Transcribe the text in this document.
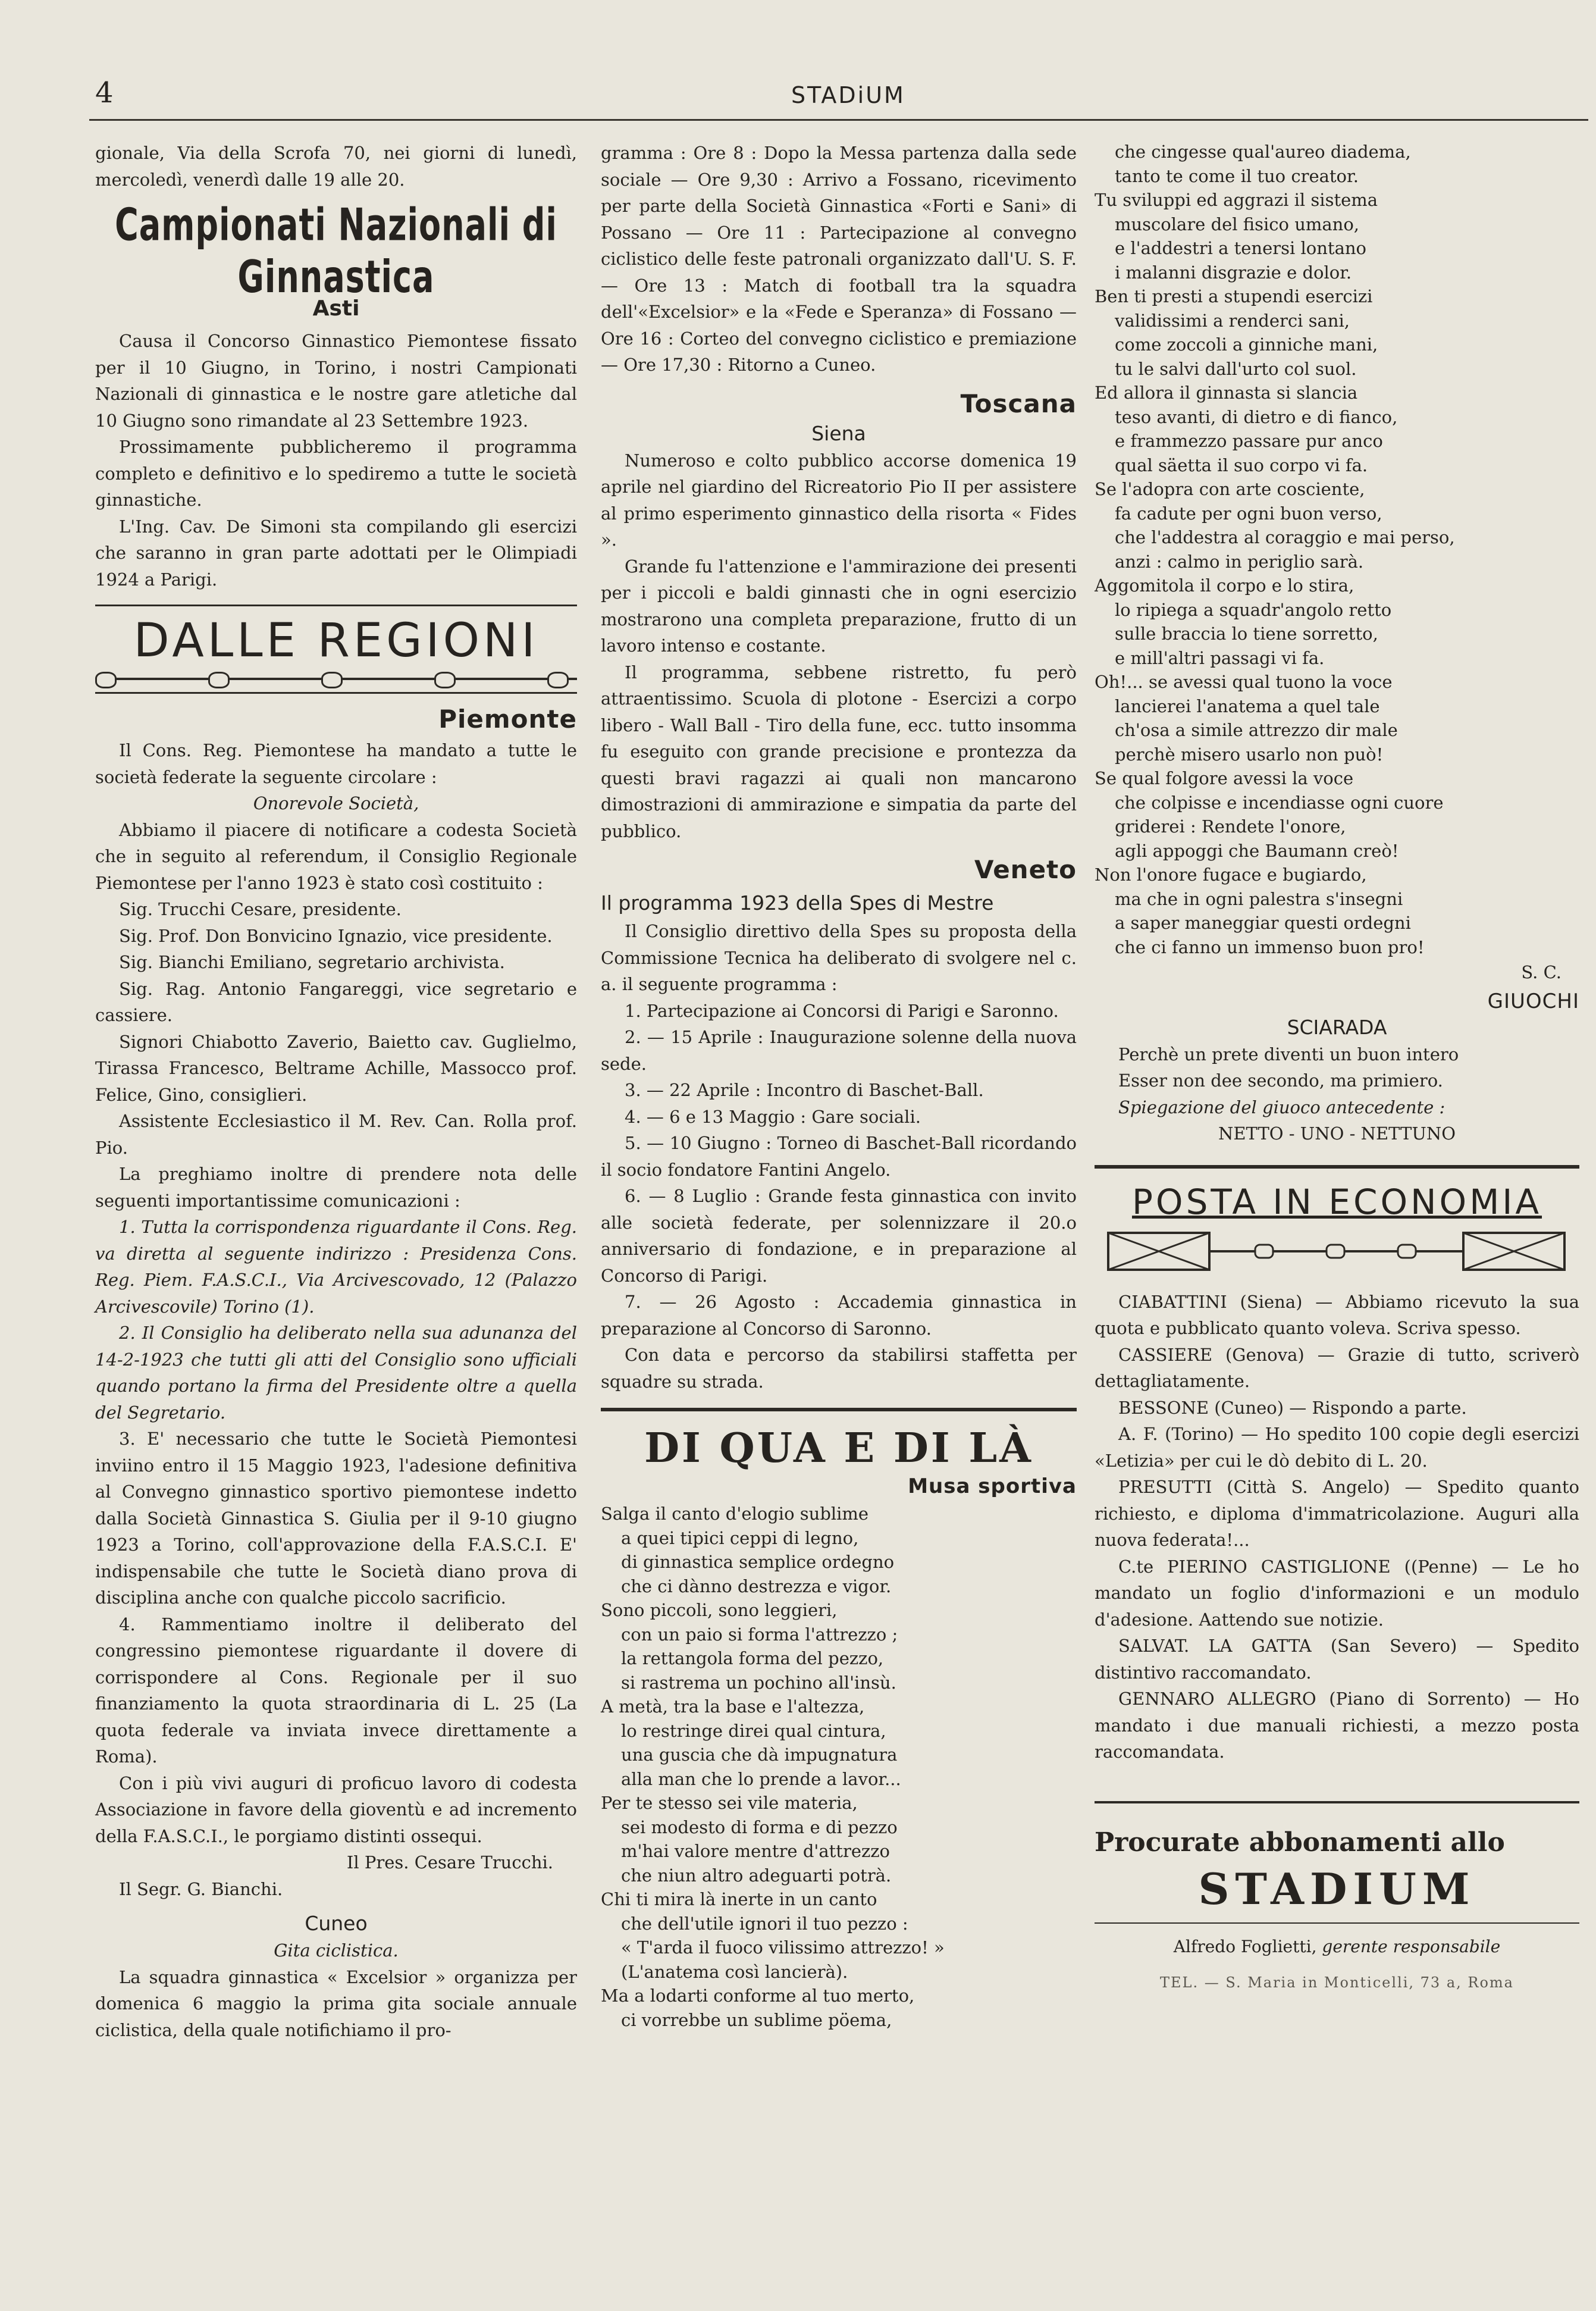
4	STADiUM

gionale, Via della Scrofa 70, nei giorni di lunedì, mercoledì, venerdì dalle 19 alle 20.

Campionati Nazionali di Ginnastica
Asti

Causa il Concorso Ginnastico Piemontese fissato per il 10 Giugno, in Torino, i nostri Campionati Nazionali di ginnastica e le nostre gare atletiche dal 10 Giugno sono rimandate al 23 Settembre 1923.

Prossimamente pubblicheremo il programma completo e definitivo e lo spediremo a tutte le società ginnastiche.

L'Ing. Cav. De Simoni sta compilando gli esercizi che saranno in gran parte adottati per le Olimpiadi 1924 a Parigi.

DALLE REGIONI
Piemonte

Il Cons. Reg. Piemontese ha mandato a tutte le società federate la seguente circolare :

Onorevole Società,

Abbiamo il piacere di notificare a codesta Società che in seguito al referendum, il Consiglio Regionale Piemontese per l'anno 1923 è stato così costituito :

Sig. Trucchi Cesare, presidente.

Sig. Prof. Don Bonvicino Ignazio, vice presidente.

Sig. Bianchi Emiliano, segretario archivista.

Sig. Rag. Antonio Fangareggi, vice segretario e cassiere.

Signori Chiabotto Zaverio, Baietto cav. Guglielmo, Tirassa Francesco, Beltrame Achille, Massocco prof. Felice, Gino, consiglieri.

Assistente Ecclesiastico il M. Rev. Can. Rolla prof. Pio.

La preghiamo inoltre di prendere nota delle seguenti importantissime comunicazioni :

1. Tutta la corrispondenza riguardante il Cons. Reg. va diretta al seguente indirizzo : Presidenza Cons. Reg. Piem. F.A.S.C.I., Via Arcivescovado, 12 (Palazzo Arcivescovile) Torino (1).

2. Il Consiglio ha deliberato nella sua adunanza del 14-2-1923 che tutti gli atti del Consiglio sono ufficiali quando portano la firma del Presidente oltre a quella del Segretario.

3. E' necessario che tutte le Società Piemontesi inviino entro il 15 Maggio 1923, l'adesione definitiva al Convegno ginnastico sportivo piemontese indetto dalla Società Ginnastica S. Giulia per il 9-10 giugno 1923 a Torino, coll'approvazione della F.A.S.C.I. E' indispensabile che tutte le Società diano prova di disciplina anche con qualche piccolo sacrificio.

4. Rammentiamo inoltre il deliberato del congressino piemontese riguardante il dovere di corrispondere al Cons. Regionale per il suo finanziamento la quota straordinaria di L. 25 (La quota federale va inviata invece direttamente a Roma).

Con i più vivi auguri di proficuo lavoro di codesta Associazione in favore della gioventù e ad incremento della F.A.S.C.I., le porgiamo distinti ossequi.

Il Pres. Cesare Trucchi.

Il Segr. G. Bianchi.

Cuneo

Gita ciclistica.

La squadra ginnastica « Excelsior » organizza per domenica 6 maggio la prima gita sociale annuale ciclistica, della quale notifichiamo il pro-

gramma : Ore 8 : Dopo la Messa partenza dalla sede sociale — Ore 9,30 : Arrivo a Fossano, ricevimento per parte della Società Ginnastica «Forti e Sani» di Possano — Ore 11 : Partecipazione al convegno ciclistico delle feste patronali organizzato dall'U. S. F. — Ore 13 : Match di football tra la squadra dell'«Excelsior» e la «Fede e Speranza» di Fossano —Ore 16 : Corteo del convegno ciclistico e premiazione — Ore 17,30 : Ritorno a Cuneo.

Toscana
Siena

Numeroso e colto pubblico accorse domenica 19 aprile nel giardino del Ricreatorio Pio II per assistere al primo esperimento ginnastico della risorta « Fides ».

Grande fu l'attenzione e l'ammirazione dei presenti per i piccoli e baldi ginnasti che in ogni esercizio mostrarono una completa preparazione, frutto di un lavoro intenso e costante.

Il programma, sebbene ristretto, fu però attraentissimo. Scuola di plotone - Esercizi a corpo libero - Wall Ball - Tiro della fune, ecc. tutto insomma fu eseguito con grande precisione e prontezza da questi bravi ragazzi ai quali non mancarono dimostrazioni di ammirazione e simpatia da parte del pubblico.

Veneto
Il programma 1923 della Spes di Mestre

Il Consiglio direttivo della Spes su proposta della Commissione Tecnica ha deliberato di svolgere nel c. a. il seguente programma :

1. Partecipazione ai Concorsi di Parigi e Saronno.

2. — 15 Aprile : Inaugurazione solenne della nuova sede.

3. — 22 Aprile : Incontro di Baschet-Ball.

4. — 6 e 13 Maggio : Gare sociali.

5. — 10 Giugno : Torneo di Baschet-Ball ricordando il socio fondatore Fantini Angelo.

6. — 8 Luglio : Grande festa ginnastica con invito alle società federate, per solennizzare il 20.o anniversario di fondazione, e in preparazione al Concorso di Parigi.

7. — 26 Agosto : Accademia ginnastica in preparazione al Concorso di Saronno.

Con data e percorso da stabilirsi staffetta per squadre su strada.

DI QUA E DI LÀ
Musa sportiva

Salga il canto d'elogio sublime

a quei tipici ceppi di legno,

di ginnastica semplice ordegno

che ci dànno destrezza e vigor.

Sono piccoli, sono leggieri,

con un paio si forma l'attrezzo ;

la rettangola forma del pezzo,

si rastrema un pochino all'insù.

A metà, tra la base e l'altezza,

lo restringe direi qual cintura,

una guscia che dà impugnatura

alla man che lo prende a lavor...

Per te stesso sei vile materia,

sei modesto di forma e di pezzo

m'hai valore mentre d'attrezzo

che niun altro adeguarti potrà.

Chi ti mira là inerte in un canto

che dell'utile ignori il tuo pezzo :

« T'arda il fuoco vilissimo attrezzo! »

(L'anatema così lancierà).

Ma a lodarti conforme al tuo merto,

ci vorrebbe un sublime pöema,

che cingesse qual'aureo diadema,

tanto te come il tuo creator.

Tu sviluppi ed aggrazi il sistema

muscolare del fisico umano,

e l'addestri a tenersi lontano

i malanni disgrazie e dolor.

Ben ti presti a stupendi esercizi

validissimi a renderci sani,

come zoccoli a ginniche mani,

tu le salvi dall'urto col suol.

Ed allora il ginnasta si slancia

teso avanti, di dietro e di fianco,

e frammezzo passare pur anco

qual säetta il suo corpo vi fa.

Se l'adopra con arte cosciente,

fa cadute per ogni buon verso,

che l'addestra al coraggio e mai perso,

anzi : calmo in periglio sarà.

Aggomitola il corpo e lo stira,

lo ripiega a squadr'angolo retto

sulle braccia lo tiene sorretto,

e mill'altri passagi vi fa.

Oh!... se avessi qual tuono la voce

lancierei l'anatema a quel tale

ch'osa a simile attrezzo dir male

perchè misero usarlo non può!

Se qual folgore avessi la voce

che colpisse e incendiasse ogni cuore

griderei : Rendete l'onore,

agli appoggi che Baumann creò!

Non l'onore fugace e bugiardo,

ma che in ogni palestra s'insegni

a saper maneggiar questi ordegni

che ci fanno un immenso buon pro!

S. C.

GIUOCHI
SCIARADA

Perchè un prete diventi un buon intero

Esser non dee secondo, ma primiero.

Spiegazione del giuoco antecedente :

NETTO - UNO - NETTUNO

POSTA IN ECONOMIA

CIABATTINI (Siena) — Abbiamo ricevuto la sua quota e pubblicato quanto voleva. Scriva spesso.

CASSIERE (Genova) — Grazie di tutto, scriverò dettagliatamente.

BESSONE (Cuneo) — Rispondo a parte.

A. F. (Torino) — Ho spedito 100 copie degli esercizi «Letizia» per cui le dò debito di L. 20.

PRESUTTI (Città S. Angelo) — Spedito quanto richiesto, e diploma d'immatricolazione. Auguri alla nuova federata!...

C.te PIERINO CASTIGLIONE ((Penne) — Le ho mandato un foglio d'informazioni e un modulo d'adesione. Aattendo sue notizie.

SALVAT. LA GATTA (San Severo) — Spedito distintivo raccomandato.

GENNARO ALLEGRO (Piano di Sorrento) — Ho mandato i due manuali richiesti, a mezzo posta raccomandata.

Procurate abbonamenti allo
STADIUM
Alfredo Foglietti, gerente responsabile
TEL. — S. Maria in Monticelli, 73 a, Roma
